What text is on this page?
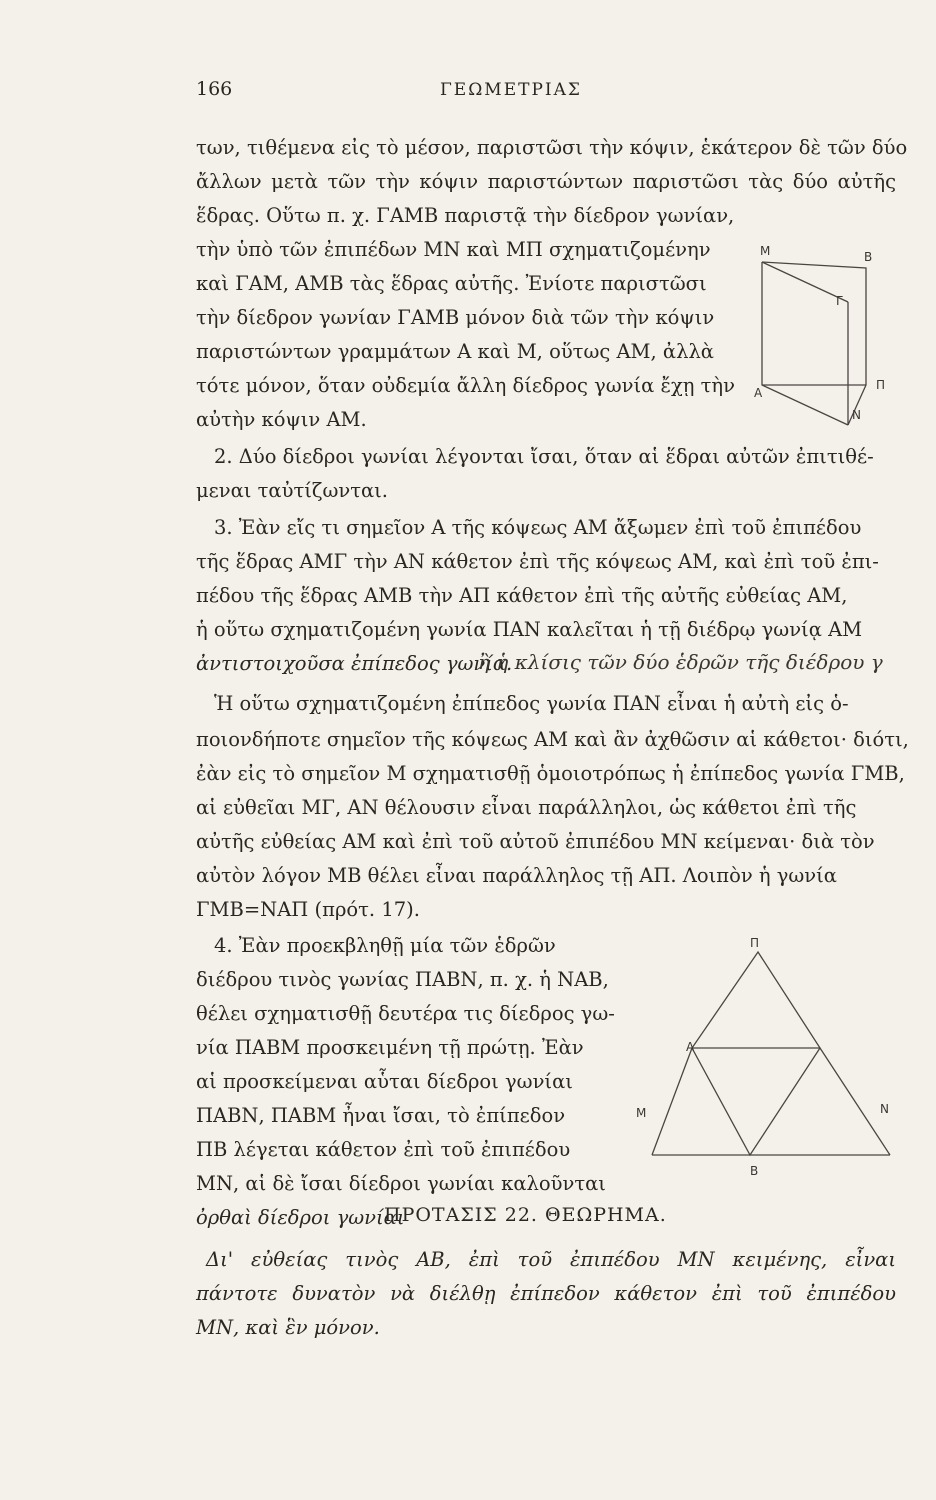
166	ΓΕΩΜΕΤΡΙΑΣ
των, τιθέμενα εἰς τὸ μέσον, παριστῶσι τὴν κόψιν, ἑκάτερον δὲ τῶν δύο
ἄλλων μετὰ τῶν τὴν κόψιν παριστώντων παριστῶσι τὰς δύο αὐτῆς
ἕδρας. Οὕτω π. χ. ΓΑΜΒ παριστᾷ τὴν δίεδρον γωνίαν,
τὴν ὑπὸ τῶν ἐπιπέδων ΜΝ καὶ ΜΠ σχηματιζομένην
καὶ ΓΑΜ, ΑΜΒ τὰς ἕδρας αὐτῆς. Ἐνίοτε παριστῶσι
τὴν δίεδρον γωνίαν ΓΑΜΒ μόνον διὰ τῶν τὴν κόψιν
παριστώντων γραμμάτων Α καὶ Μ, οὕτως ΑΜ, ἀλλὰ
τότε μόνον, ὅταν οὐδεμία ἄλλη δίεδρος γωνία ἔχῃ τὴν
αὐτὴν κόψιν ΑΜ.
M	B
Γ
A
Π
N
2. Δύο δίεδροι γωνίαι λέγονται ἴσαι, ὅταν αἱ ἕδραι αὐτῶν ἐπιτιθέ-
μεναι ταὐτίζωνται.
3. Ἐὰν εἴς τι σημεῖον Α τῆς κόψεως ΑΜ ἄξωμεν ἐπὶ τοῦ ἐπιπέδου
τῆς ἕδρας ΑΜΓ τὴν ΑΝ κάθετον ἐπὶ τῆς κόψεως ΑΜ, καὶ ἐπὶ τοῦ ἐπι-
πέδου τῆς ἕδρας ΑΜΒ τὴν ΑΠ κάθετον ἐπὶ τῆς αὐτῆς εὐθείας ΑΜ,
ἡ οὕτω σχηματιζομένη γωνία ΠΑΝ καλεῖται ἡ τῇ διέδρῳ γωνίᾳ ΑΜ
ἀντιστοιχοῦσα ἐπίπεδος γωνία.
ἢ ἡ κλίσις τῶν δύο ἑδρῶν τῆς διέδρου γ
Ἡ οὕτω σχηματιζομένη ἐπίπεδος γωνία ΠΑΝ εἶναι ἡ αὐτὴ εἰς ὁ-
ποιονδήποτε σημεῖον τῆς κόψεως ΑΜ καὶ ἂν ἀχθῶσιν αἱ κάθετοι· διότι,
ἐὰν εἰς τὸ σημεῖον Μ σχηματισθῇ ὁμοιοτρόπως ἡ ἐπίπεδος γωνία ΓΜΒ,
αἱ εὐθεῖαι ΜΓ, ΑΝ θέλουσιν εἶναι παράλληλοι, ὡς κάθετοι ἐπὶ τῆς
αὐτῆς εὐθείας ΑΜ καὶ ἐπὶ τοῦ αὐτοῦ ἐπιπέδου ΜΝ κείμεναι· διὰ τὸν
αὐτὸν λόγον ΜΒ θέλει εἶναι παράλληλος τῇ ΑΠ. Λοιπὸν ἡ γωνία
ΓΜΒ=ΝΑΠ (πρότ. 17).
4. Ἐὰν προεκβληθῇ μία τῶν ἑδρῶν
διέδρου τινὸς γωνίας ΠΑΒΝ, π. χ. ἡ ΝΑΒ,
θέλει σχηματισθῇ δευτέρα τις δίεδρος γω-
νία ΠΑΒΜ προσκειμένη τῇ πρώτῃ. Ἐὰν
αἱ προσκείμεναι αὗται δίεδροι γωνίαι
ΠΑΒΝ, ΠΑΒΜ ἦναι ἴσαι, τὸ ἐπίπεδον
ΠΒ λέγεται κάθετον ἐπὶ τοῦ ἐπιπέδου
ΜΝ, αἱ δὲ ἴσαι δίεδροι γωνίαι καλοῦνται
ὀρθαὶ δίεδροι γωνίαι
Π
A
M	N
B
ΠΡΟΤΑΣΙΣ 22. ΘΕΩΡΗΜΑ.
Δι' εὐθείας τινὸς ΑΒ, ἐπὶ τοῦ ἐπιπέδου ΜΝ κειμένης, εἶναι
πάντοτε δυνατὸν νὰ διέλθῃ ἐπίπεδον κάθετον ἐπὶ τοῦ ἐπιπέδου
ΜΝ, καὶ ἓν μόνον.
